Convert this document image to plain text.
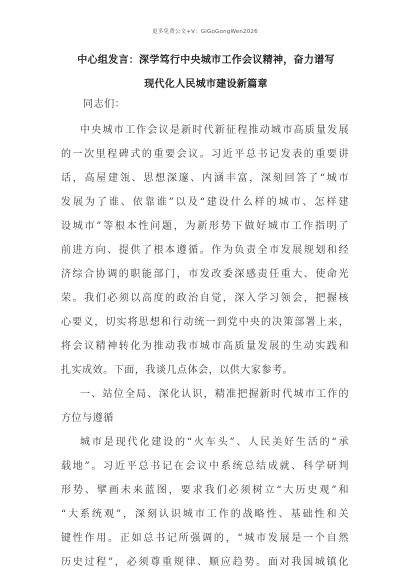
更多免费公文+V：GiGoGongWen2026
中心组发言：深学笃行中央城市工作会议精神，奋力谱写
现代化人民城市建设新篇章
同志们：
中央城市工作会议是新时代新征程推动城市高质量发展
的一次里程碑式的重要会议。习近平总书记发表的重要讲
话，高屋建瓴、思想深邃、内涵丰富，深刻回答了“城市
发展为了谁、依靠谁”以及“建设什么样的城市、怎样建
设城市”等根本性问题，为新形势下做好城市工作指明了
前进方向、提供了根本遵循。作为负责全市发展规划和经
济综合协调的职能部门，市发改委深感责任重大、使命光
荣。我们必须以高度的政治自觉，深入学习领会，把握核
心要义，切实将思想和行动统一到党中央的决策部署上来，
将会议精神转化为推动我市城市高质量发展的生动实践和
扎实成效。下面，我谈几点体会，以供大家参考。
一、站位全局、深化认识，精准把握新时代城市工作的
方位与遵循
城市是现代化建设的“火车头”、人民美好生活的“承
载地”。习近平总书记在会议中系统总结成就、科学研判
形势、擘画未来蓝图，要求我们必须树立“大历史观”和
“大系统观”，深刻认识城市工作的战略性、基础性和关
键性作用。正如总书记所强调的，“城市发展是一个自然
历史过程”，必须尊重规律、顺应趋势。面对我国城镇化
